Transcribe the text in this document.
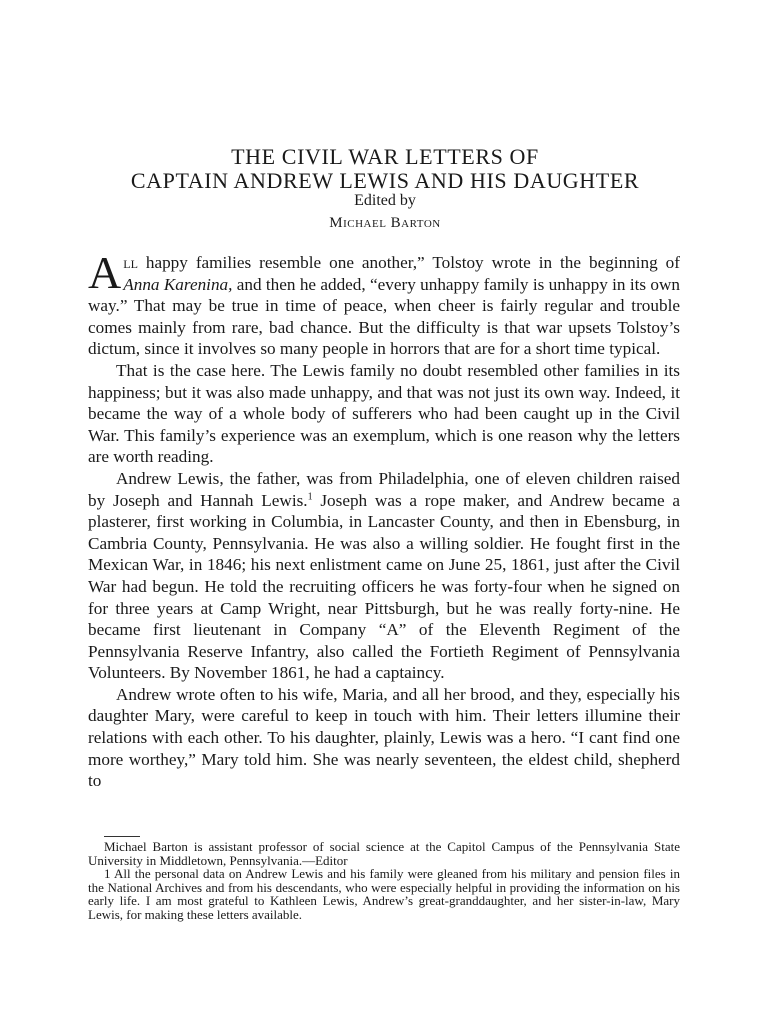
THE CIVIL WAR LETTERS OF
CAPTAIN ANDREW LEWIS AND HIS DAUGHTER
Edited by
Michael Barton

All happy families resemble one another,” Tolstoy wrote in the beginning of Anna Karenina, and then he added, “every unhappy family is unhappy in its own way.” That may be true in time of peace, when cheer is fairly regular and trouble comes mainly from rare, bad chance. But the difficulty is that war upsets Tolstoy’s dictum, since it involves so many people in horrors that are for a short time typical.

That is the case here. The Lewis family no doubt resembled other families in its happiness; but it was also made unhappy, and that was not just its own way. Indeed, it became the way of a whole body of sufferers who had been caught up in the Civil War. This family’s experience was an exemplum, which is one reason why the letters are worth reading.

Andrew Lewis, the father, was from Philadelphia, one of eleven children raised by Joseph and Hannah Lewis.$^1$ Joseph was a rope maker, and Andrew became a plasterer, first working in Columbia, in Lancaster County, and then in Ebensburg, in Cambria County, Pennsylvania. He was also a willing soldier. He fought first in the Mexican War, in 1846; his next enlistment came on June 25, 1861, just after the Civil War had begun. He told the recruiting officers he was forty-four when he signed on for three years at Camp Wright, near Pittsburgh, but he was really forty-nine. He became first lieutenant in Company “A” of the Eleventh Regiment of the Pennsylvania Reserve Infantry, also called the Fortieth Regiment of Pennsylvania Volunteers. By November 1861, he had a captaincy.

Andrew wrote often to his wife, Maria, and all her brood, and they, especially his daughter Mary, were careful to keep in touch with him. Their letters illumine their relations with each other. To his daughter, plainly, Lewis was a hero. “I cant find one more worthey,” Mary told him. She was nearly seventeen, the eldest child, shepherd to

Michael Barton is assistant professor of social science at the Capitol Campus of the Pennsylvania State University in Middletown, Pennsylvania.—Editor

1 All the personal data on Andrew Lewis and his family were gleaned from his military and pension files in the National Archives and from his descendants, who were especially helpful in providing the information on his early life. I am most grateful to Kathleen Lewis, Andrew’s great-granddaughter, and her sister-in-law, Mary Lewis, for making these letters available.
